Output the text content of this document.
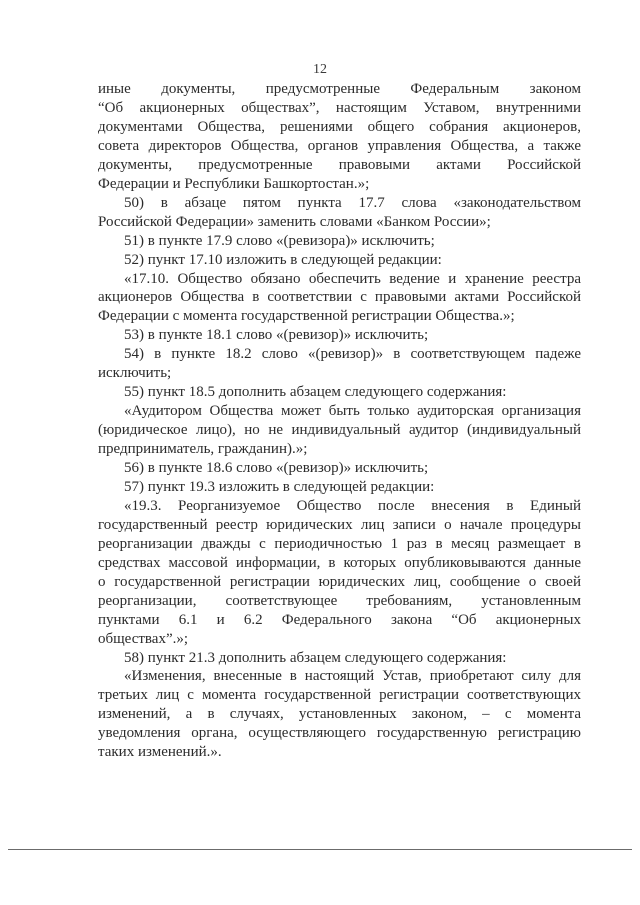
12
иные документы, предусмотренные Федеральным законом
“Об акционерных обществах”, настоящим Уставом, внутренними
документами Общества, решениями общего собрания акционеров,
совета директоров Общества, органов управления Общества, а также
документы, предусмотренные правовыми актами Российской
Федерации и Республики Башкортостан.»;
50) в абзаце пятом пункта 17.7 слова «законодательством
Российской Федерации» заменить словами «Банком России»;
51) в пункте 17.9 слово «(ревизора)» исключить;
52) пункт 17.10 изложить в следующей редакции:
«17.10. Общество обязано обеспечить ведение и хранение реестра
акционеров Общества в соответствии с правовыми актами Российской
Федерации с момента государственной регистрации Общества.»;
53) в пункте 18.1 слово «(ревизор)» исключить;
54) в пункте 18.2 слово «(ревизор)» в соответствующем падеже
исключить;
55) пункт 18.5 дополнить абзацем следующего содержания:
«Аудитором Общества может быть только аудиторская организация
(юридическое лицо), но не индивидуальный аудитор (индивидуальный
предприниматель, гражданин).»;
56) в пункте 18.6 слово «(ревизор)» исключить;
57) пункт 19.3 изложить в следующей редакции:
«19.3. Реорганизуемое Общество после внесения в Единый
государственный реестр юридических лиц записи о начале процедуры
реорганизации дважды с периодичностью 1 раз в месяц размещает в
средствах массовой информации, в которых опубликовываются данные
о государственной регистрации юридических лиц, сообщение о своей
реорганизации, соответствующее требованиям, установленным
пунктами 6.1 и 6.2 Федерального закона “Об акционерных
обществах”.»;
58) пункт 21.3 дополнить абзацем следующего содержания:
«Изменения, внесенные в настоящий Устав, приобретают силу для
третьих лиц с момента государственной регистрации соответствующих
изменений, а в случаях, установленных законом, – с момента
уведомления органа, осуществляющего государственную регистрацию
таких изменений.».
